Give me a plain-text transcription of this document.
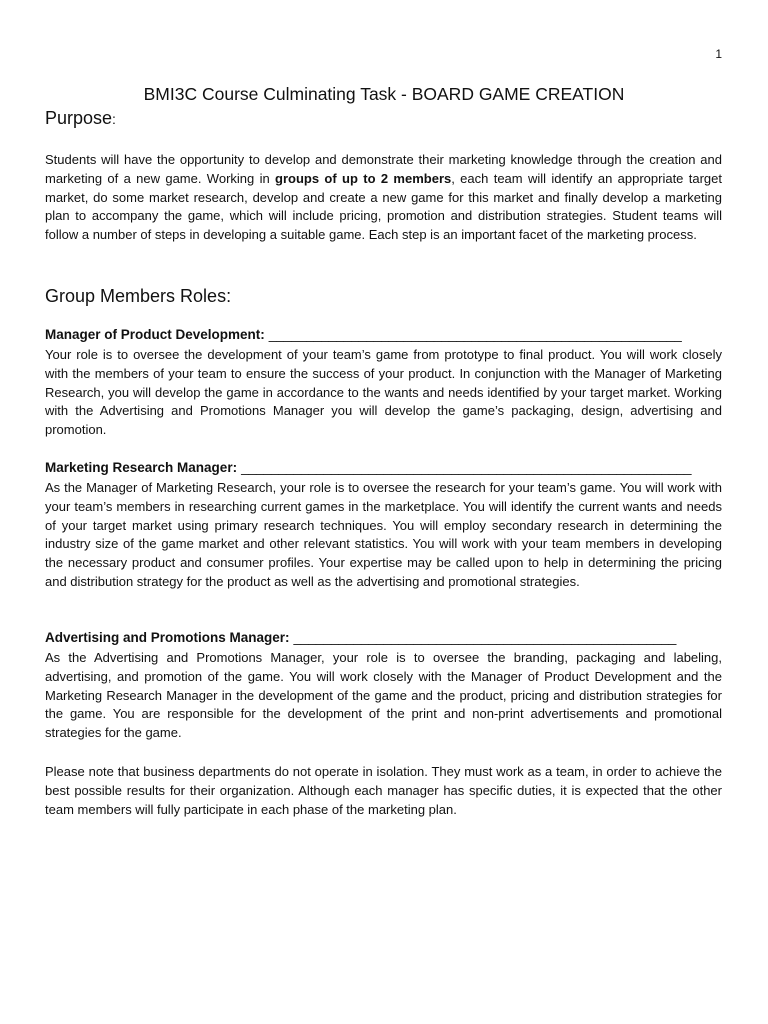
1
BMI3C Course Culminating Task - BOARD GAME CREATION
Purpose:

Students will have the opportunity to develop and demonstrate their marketing knowledge through the creation and marketing of a new game. Working in groups of up to 2 members, each team will identify an appropriate target market, do some market research, develop and create a new game for this market and finally develop a marketing plan to accompany the game, which will include pricing, promotion and distribution strategies. Student teams will follow a number of steps in developing a suitable game. Each step is an important facet of the marketing process.

Group Members Roles:
Manager of Product Development: _______________________________________________________

Your role is to oversee the development of your team’s game from prototype to final product. You will work closely with the members of your team to ensure the success of your product. In conjunction with the Manager of Marketing Research, you will develop the game in accordance to the wants and needs identified by your target market. Working with the Advertising and Promotions Manager you will develop the game’s packaging, design, advertising and promotion.

Marketing Research Manager: ____________________________________________________________

As the Manager of Marketing Research, your role is to oversee the research for your team’s game. You will work with your team’s members in researching current games in the marketplace. You will identify the current wants and needs of your target market using primary research techniques. You will employ secondary research in determining the industry size of the game market and other relevant statistics. You will work with your team members in developing the necessary product and consumer profiles. Your expertise may be called upon to help in determining the pricing and distribution strategy for the product as well as the advertising and promotional strategies.

Advertising and Promotions Manager: ___________________________________________________

As the Advertising and Promotions Manager, your role is to oversee the branding, packaging and labeling, advertising, and promotion of the game. You will work closely with the Manager of Product Development and the Marketing Research Manager in the development of the game and the product, pricing and distribution strategies for the game. You are responsible for the development of the print and non-print advertisements and promotional strategies for the game.

Please note that business departments do not operate in isolation. They must work as a team, in order to achieve the best possible results for their organization. Although each manager has specific duties, it is expected that the other team members will fully participate in each phase of the marketing plan.
